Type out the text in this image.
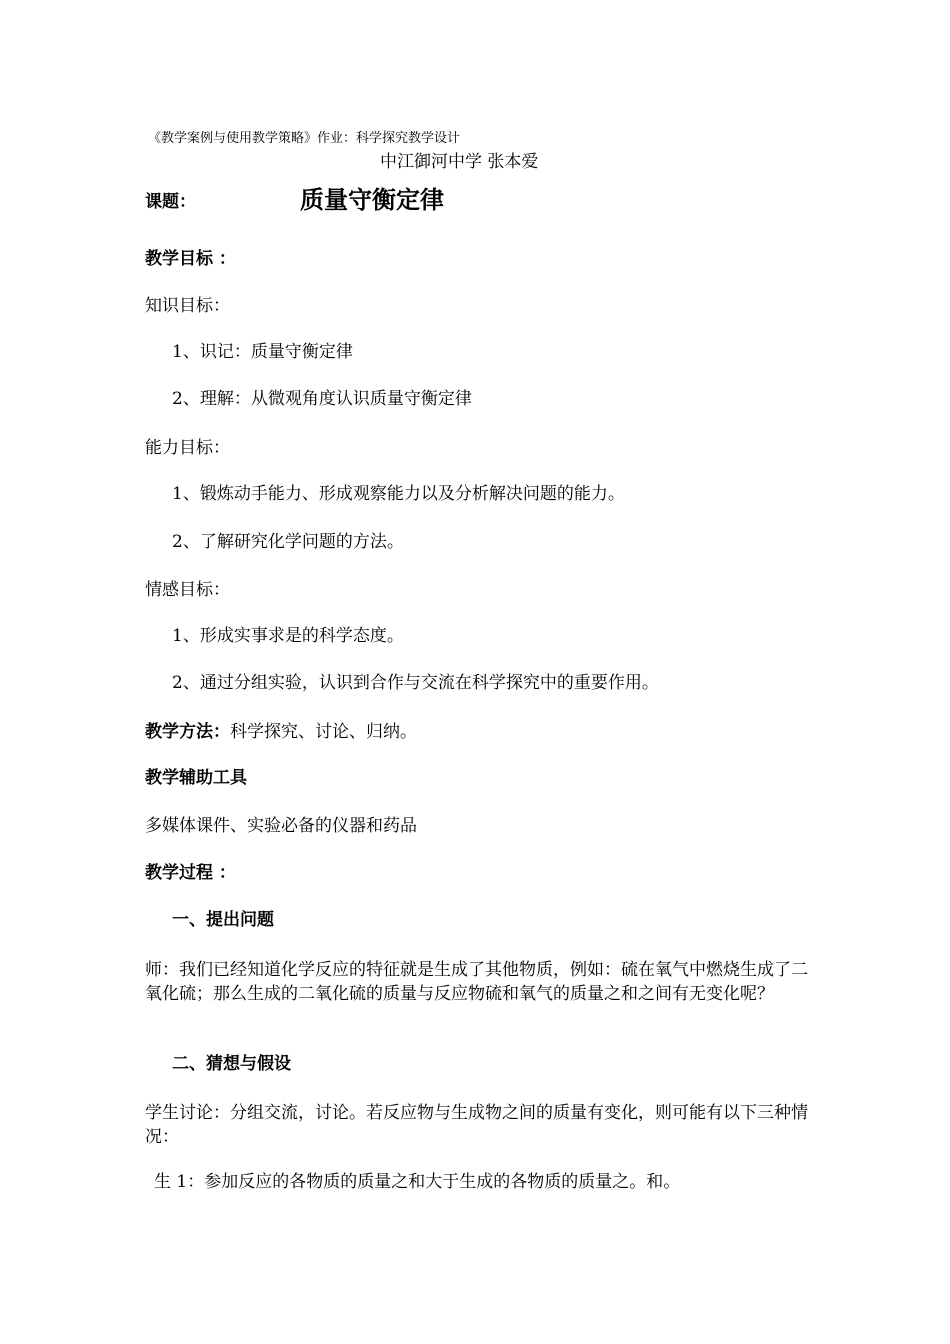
《教学案例与使用教学策略》作业：科学探究教学设计
中江御河中学 张本爱
课题：	质量守衡定律
教学目标 ：
知识目标：
1、识记：质量守衡定律
2、理解：从微观角度认识质量守衡定律
能力目标：
1、锻炼动手能力、形成观察能力以及分析解决问题的能力。
2、了解研究化学问题的方法。
情感目标：
1、形成实事求是的科学态度。
2、通过分组实验，认识到合作与交流在科学探究中的重要作用。
教学方法：科学探究、讨论、归纳。
教学辅助工具
多媒体课件、实验必备的仪器和药品
教学过程 ：
一、提出问题
师：我们已经知道化学反应的特征就是生成了其他物质，例如：硫在氧气中燃烧生成了二氧化硫；那么生成的二氧化硫的质量与反应物硫和氧气的质量之和之间有无变化呢？
二、猜想与假设
学生讨论：分组交流，讨论。若反应物与生成物之间的质量有变化，则可能有以下三种情况：
生 1：参加反应的各物质的质量之和大于生成的各物质的质量之。和。
